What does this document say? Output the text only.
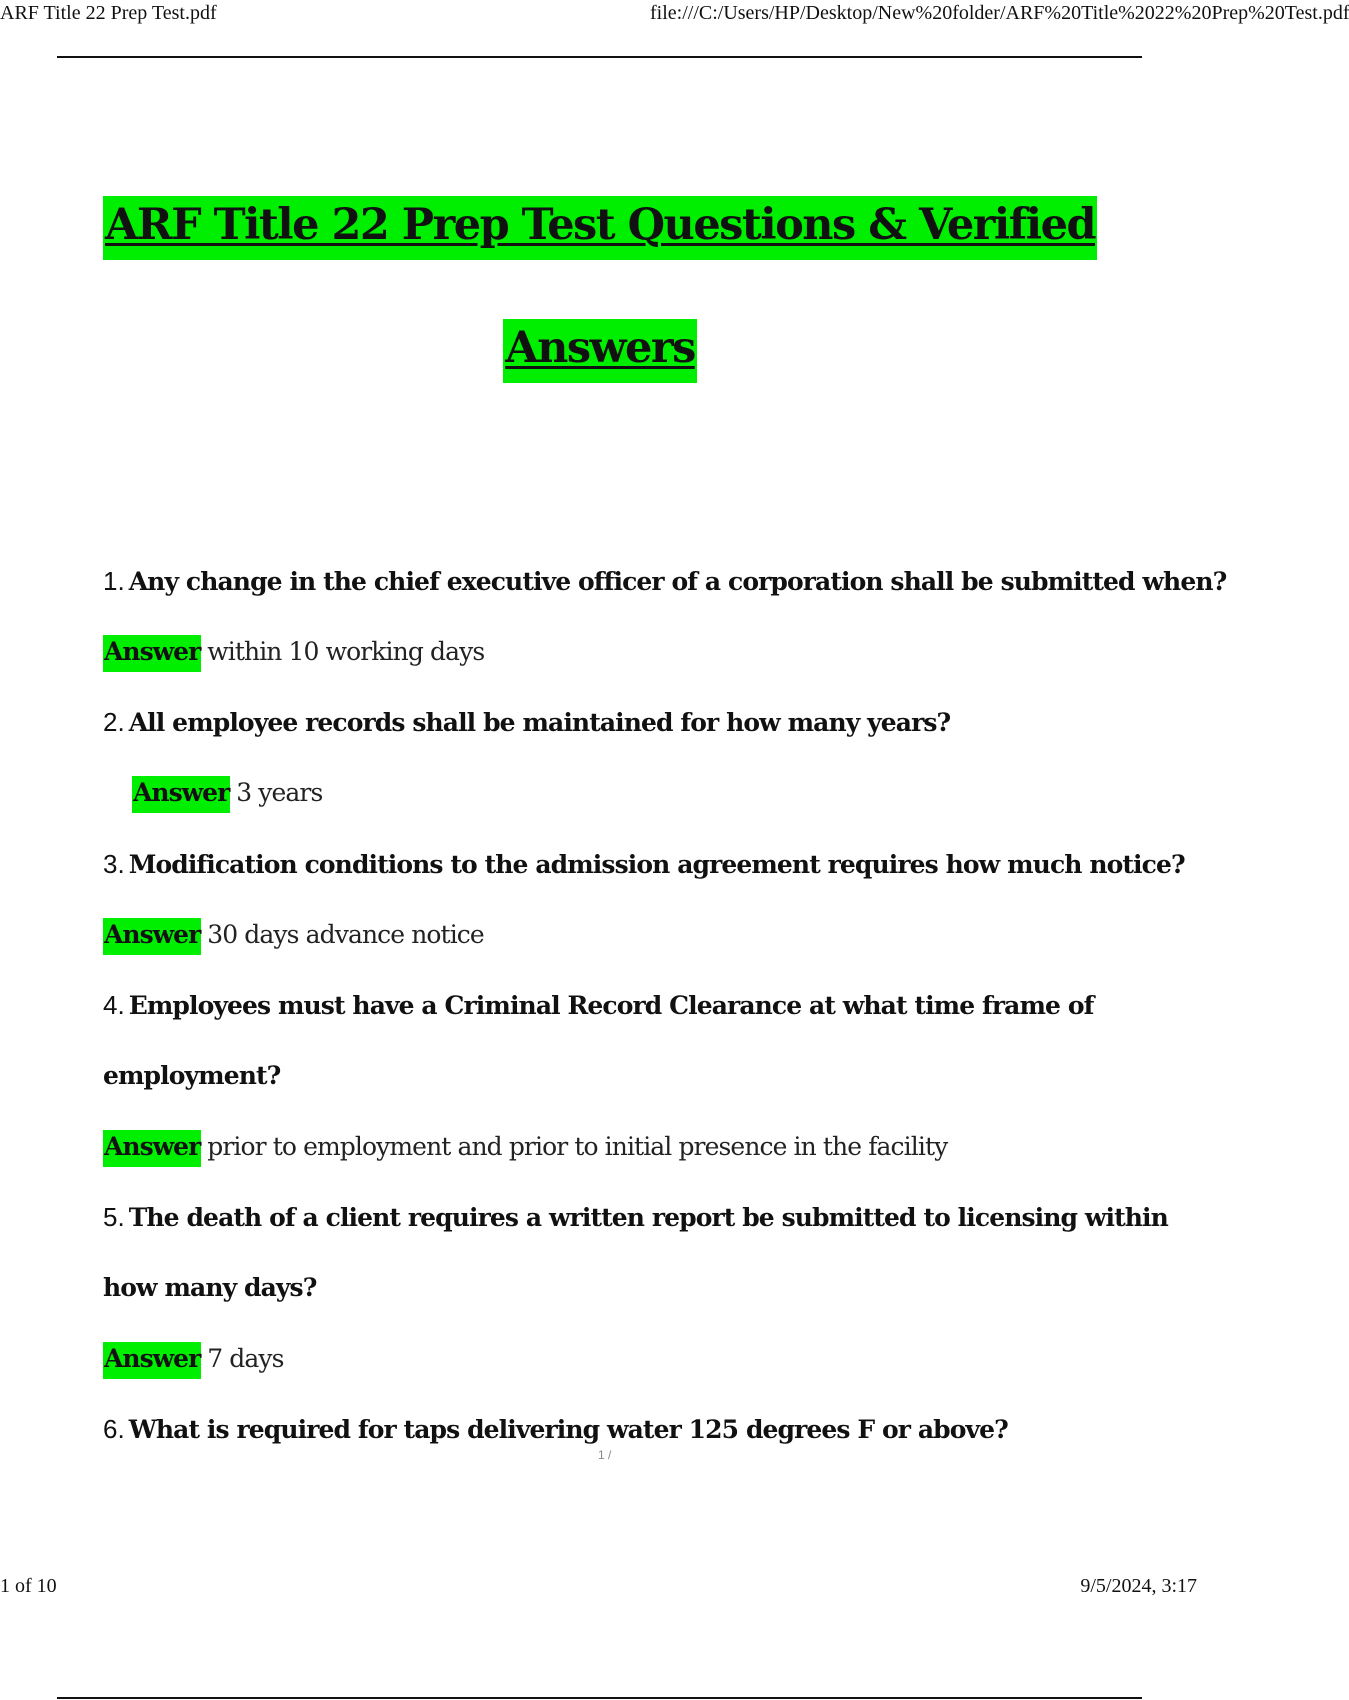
ARF Title 22 Prep Test.pdf	file:///C:/Users/HP/Desktop/New%20folder/ARF%20Title%2022%20Prep%20Test.pdf
ARF Title 22 Prep Test Questions & Verified
Answers
1. Any change in the chief executive officer of a corporation shall be submitted when?
Answer within 10 working days
2. All employee records shall be maintained for how many years?
Answer 3 years
3. Modification conditions to the admission agreement requires how much notice?
Answer 30 days advance notice
4. Employees must have a Criminal Record Clearance at what time frame of
employment?
Answer prior to employment and prior to initial presence in the facility
5. The death of a client requires a written report be submitted to licensing within
how many days?
Answer 7 days
6. What is required for taps delivering water 125 degrees F or above?
1 /
1 of 10	9/5/2024, 3:17
